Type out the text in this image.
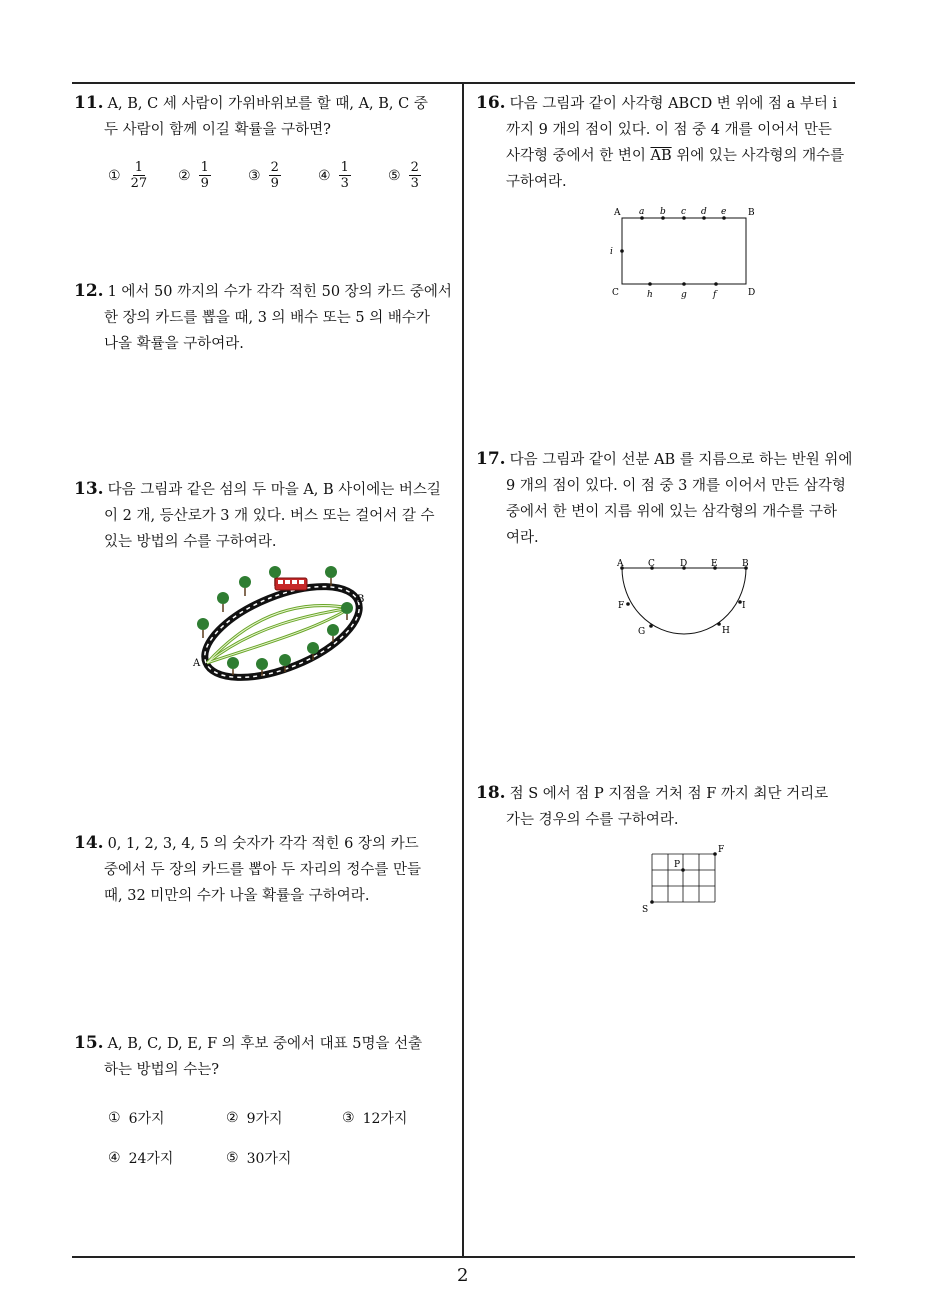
11. A, B, C 세 사람이 가위바위보를 할 때, A, B, C 중
두 사람이 함께 이길 확률을 구하면?
① $\frac{1}{27}$ ② $\frac{1}{9}$	③ $\frac{2}{9}$	④ $\frac{1}{3}$	⑤ $\frac{2}{3}$
12. 1 에서 50 까지의 수가 각각 적힌 50 장의 카드 중에서
한 장의 카드를 뽑을 때, 3 의 배수 또는 5 의 배수가
나올 확률을 구하여라.
13. 다음 그림과 같은 섬의 두 마을 A, B 사이에는 버스길
이 2 개, 등산로가 3 개 있다. 버스 또는 걸어서 갈 수
있는 방법의 수를 구하여라.
A
B
14. 0, 1, 2, 3, 4, 5 의 숫자가 각각 적힌 6 장의 카드
중에서 두 장의 카드를 뽑아 두 자리의 정수를 만들
때, 32 미만의 수가 나올 확률을 구하여라.
15. A, B, C, D, E, F 의 후보 중에서 대표 5명을 선출
하는 방법의 수는?
① 6가지	② 9가지	③ 12가지
④ 24가지	⑤ 30가지
16. 다음 그림과 같이 사각형 ABCD 변 위에 점 a 부터 i
까지 9 개의 점이 있다. 이 점 중 4 개를 이어서 만든
사각형 중에서 한 변이 $\overline{AB}$ 위에 있는 사각형의 개수를
구하여라.
A	B
C	D
a b c d e
i
h	g	f
17. 다음 그림과 같이 선분 AB 를 지름으로 하는 반원 위에
9 개의 점이 있다. 이 점 중 3 개를 이어서 만든 삼각형
중에서 한 변이 지름 위에 있는 삼각형의 개수를 구하
여라.
A	C	D	E	B
F
G	H
I
18. 점 S 에서 점 P 지점을 거처 점 F 까지 최단 거리로
가는 경우의 수를 구하여라.
S
P
F
2
